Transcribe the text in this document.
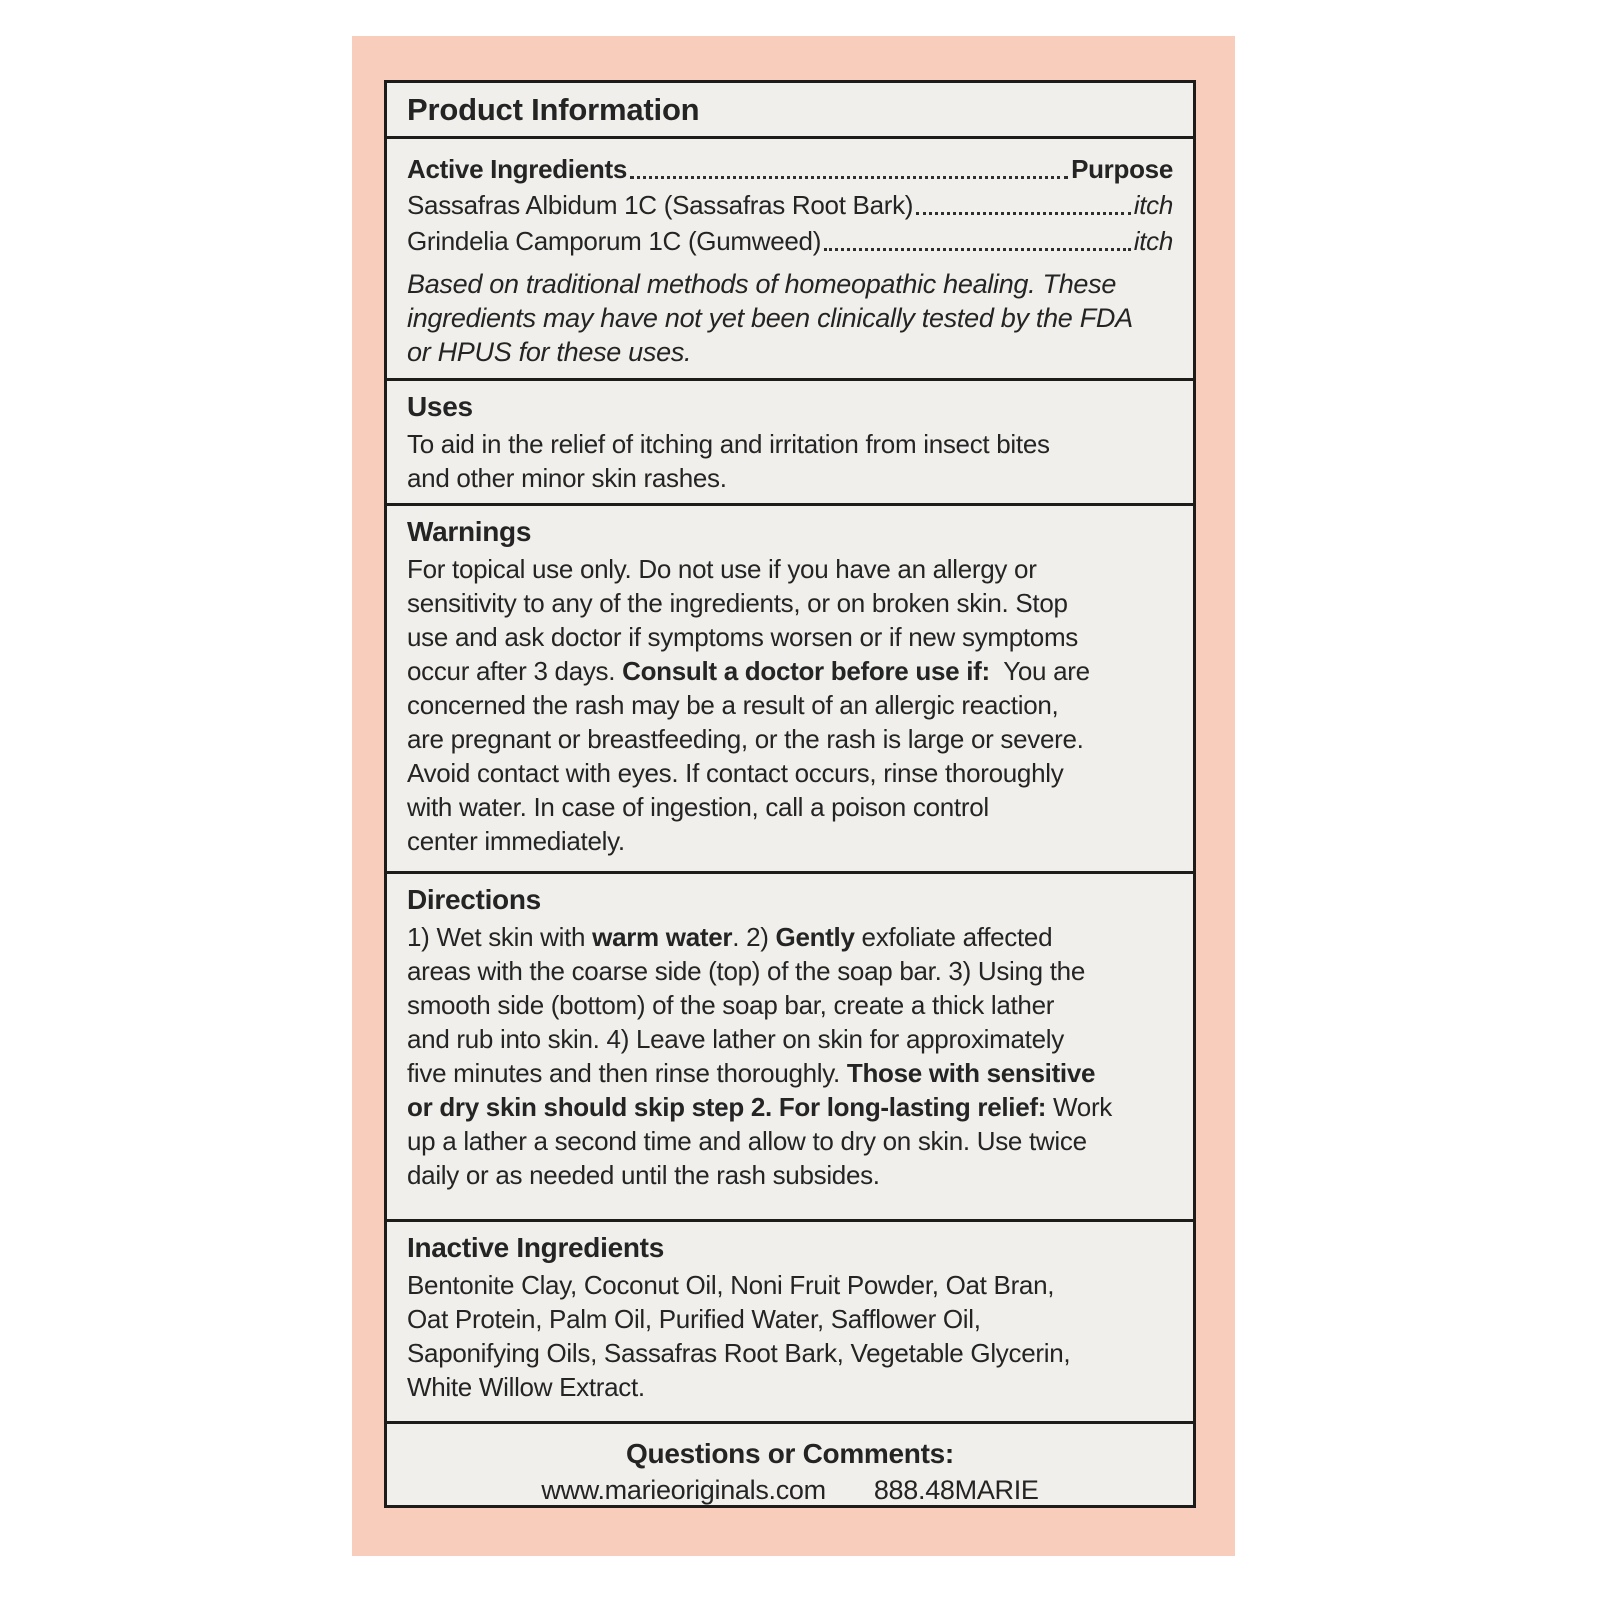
Product Information
Active Ingredients	Purpose
Sassafras Albidum 1C (Sassafras Root Bark)	itch
Grindelia Camporum 1C (Gumweed)	itch
Based on traditional methods of homeopathic healing. These
ingredients may have not yet been clinically tested by the FDA
or HPUS for these uses.
Uses
To aid in the relief of itching and irritation from insect bites
and other minor skin rashes.
Warnings
For topical use only. Do not use if you have an allergy or
sensitivity to any of the ingredients, or on broken skin. Stop
use and ask doctor if symptoms worsen or if new symptoms
occur after 3 days. Consult a doctor before use if:  You are
concerned the rash may be a result of an allergic reaction,
are pregnant or breastfeeding, or the rash is large or severe.
Avoid contact with eyes. If contact occurs, rinse thoroughly
with water. In case of ingestion, call a poison control
center immediately.
Directions
1) Wet skin with warm water. 2) Gently exfoliate affected
areas with the coarse side (top) of the soap bar. 3) Using the
smooth side (bottom) of the soap bar, create a thick lather
and rub into skin. 4) Leave lather on skin for approximately
five minutes and then rinse thoroughly. Those with sensitive
or dry skin should skip step 2. For long-lasting relief: Work
up a lather a second time and allow to dry on skin. Use twice
daily or as needed until the rash subsides.
Inactive Ingredients
Bentonite Clay, Coconut Oil, Noni Fruit Powder, Oat Bran,
Oat Protein, Palm Oil, Purified Water, Safflower Oil,
Saponifying Oils, Sassafras Root Bark, Vegetable Glycerin,
White Willow Extract.
Questions or Comments:
www.marieoriginals.com 888.48MARIE
